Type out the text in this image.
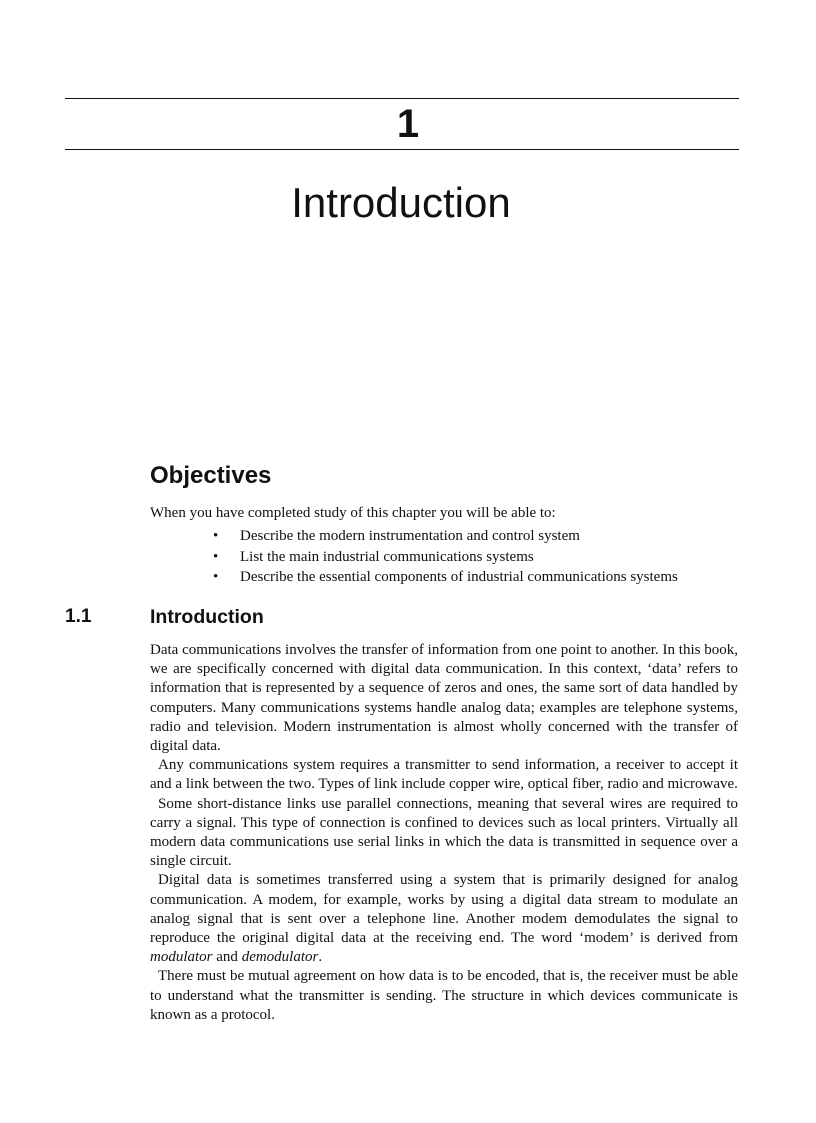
1
Introduction
Objectives
When you have completed study of this chapter you will be able to:
• Describe the modern instrumentation and control system
• List the main industrial communications systems
• Describe the essential components of industrial communications systems
1.1	Introduction

Data communications involves the transfer of information from one point to another. In this book, we are specifically concerned with digital data communication. In this context, ‘data’ refers to information that is represented by a sequence of zeros and ones, the same sort of data handled by computers. Many communications systems handle analog data; examples are telephone systems, radio and television. Modern instrumentation is almost wholly concerned with the transfer of digital data.

Any communications system requires a transmitter to send information, a receiver to accept it and a link between the two. Types of link include copper wire, optical fiber, radio and microwave.

Some short-distance links use parallel connections, meaning that several wires are required to carry a signal. This type of connection is confined to devices such as local printers. Virtually all modern data communications use serial links in which the data is transmitted in sequence over a single circuit.

Digital data is sometimes transferred using a system that is primarily designed for analog communication. A modem, for example, works by using a digital data stream to modulate an analog signal that is sent over a telephone line. Another modem demodulates the signal to reproduce the original digital data at the receiving end. The word ‘modem’ is derived from modulator and demodulator.

There must be mutual agreement on how data is to be encoded, that is, the receiver must be able to understand what the transmitter is sending. The structure in which devices communicate is known as a protocol.
